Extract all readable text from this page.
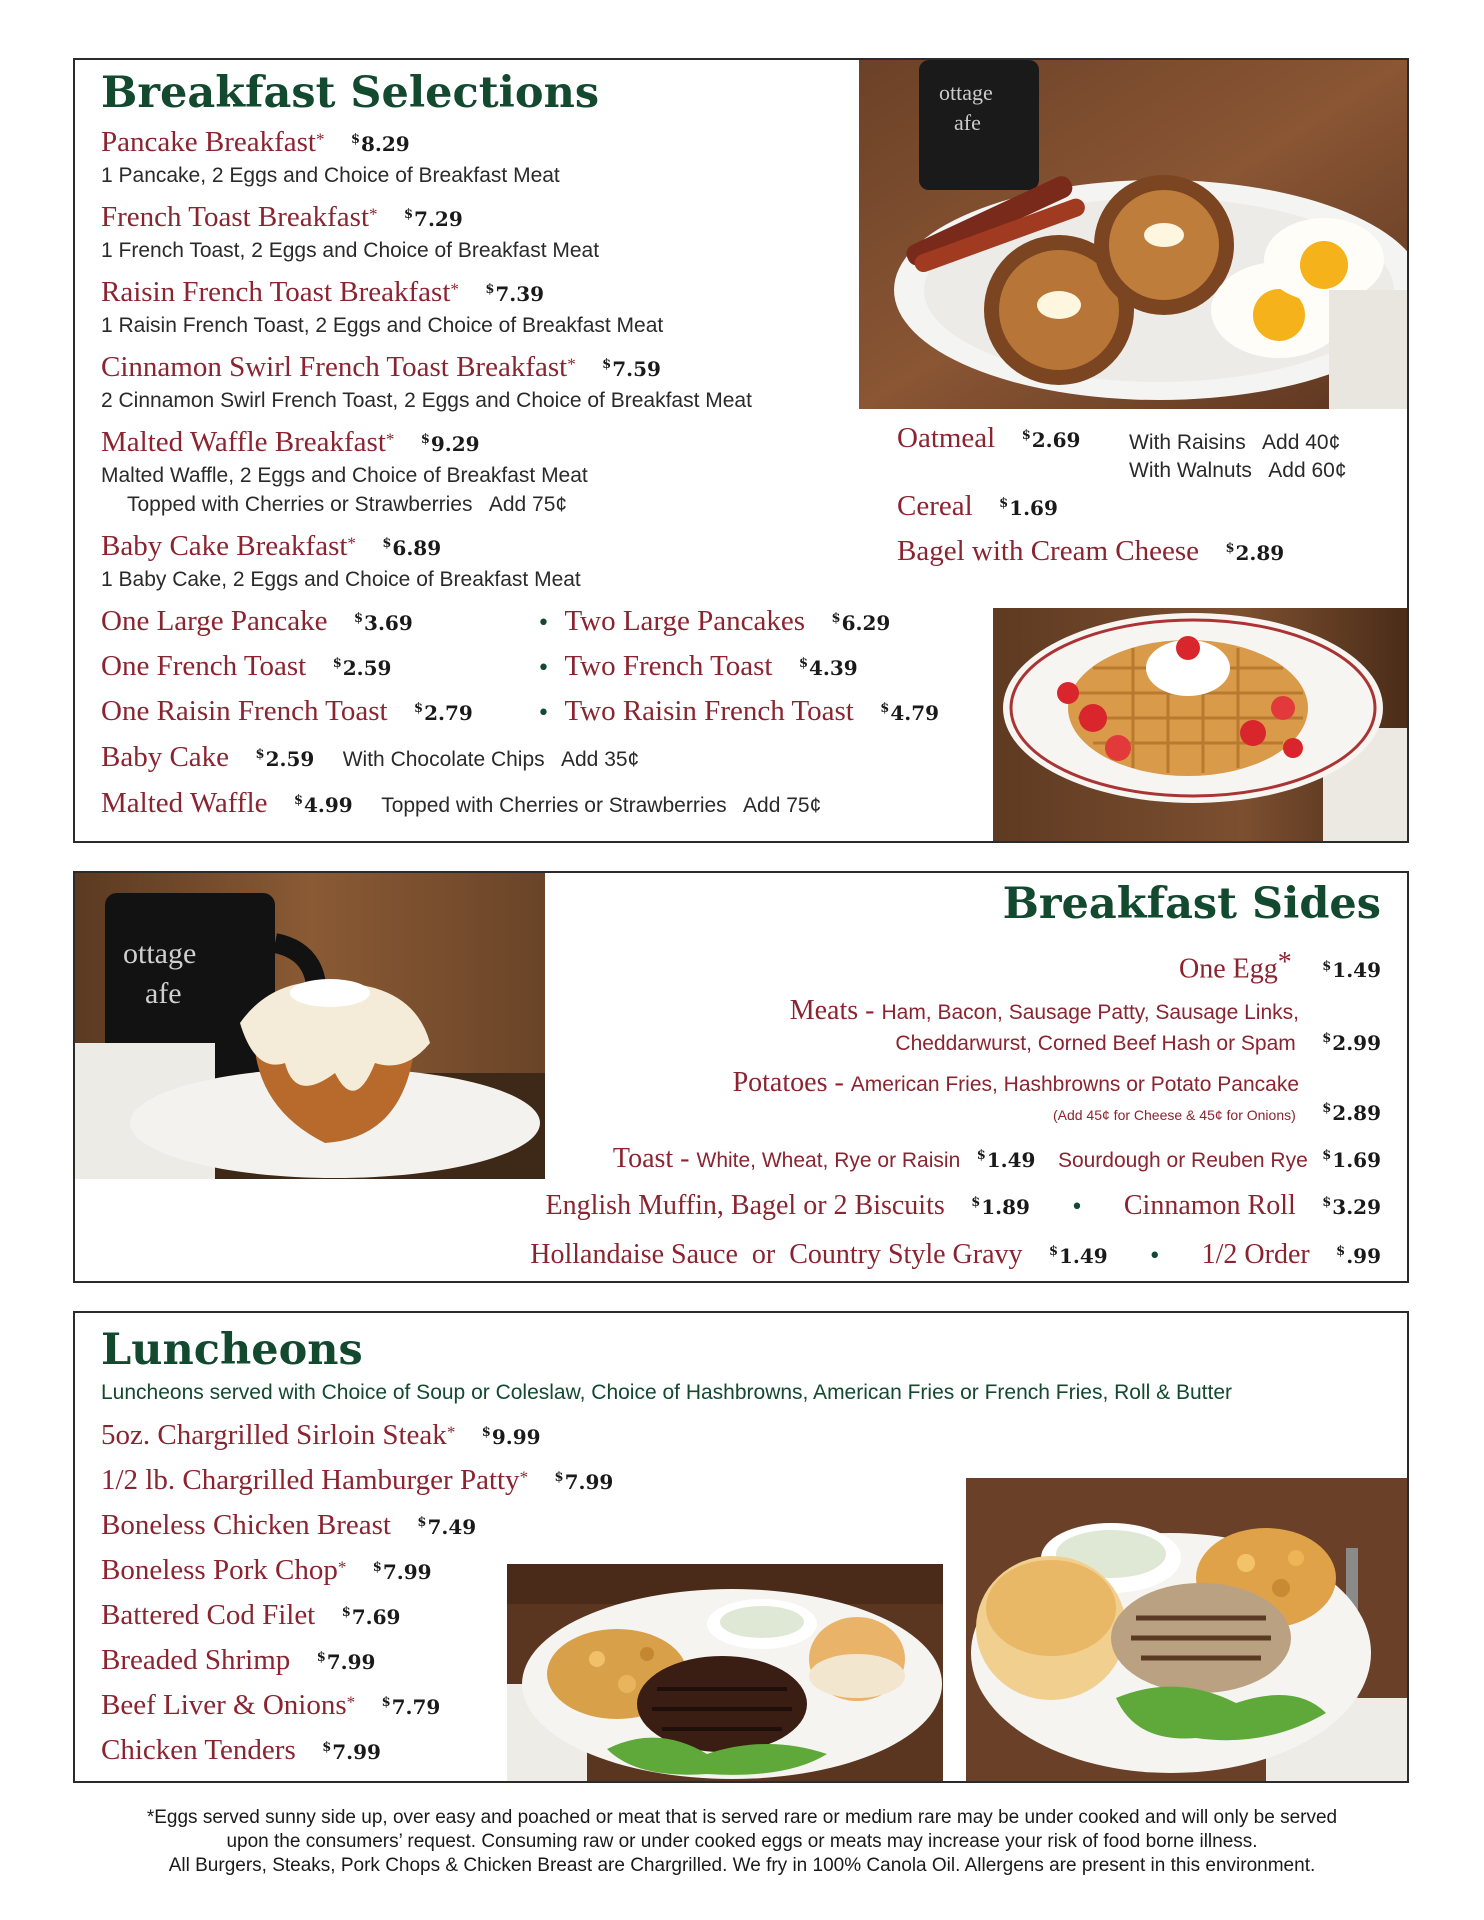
ottage
afe
Breakfast Selections
Pancake Breakfast* $8.29
1 Pancake, 2 Eggs and Choice of Breakfast Meat
French Toast Breakfast* $7.29
1 French Toast, 2 Eggs and Choice of Breakfast Meat
Raisin French Toast Breakfast* $7.39
1 Raisin French Toast, 2 Eggs and Choice of Breakfast Meat
Cinnamon Swirl French Toast Breakfast* $7.59
2 Cinnamon Swirl French Toast, 2 Eggs and Choice of Breakfast Meat
Malted Waffle Breakfast* $9.29
Malted Waffle, 2 Eggs and Choice of Breakfast Meat
Topped with Cherries or Strawberries   Add 75¢
Baby Cake Breakfast* $6.89
1 Baby Cake, 2 Eggs and Choice of Breakfast Meat
Oatmeal $2.69 With Raisins   Add 40¢
With Walnuts   Add 60¢
Cereal $1.69
Bagel with Cream Cheese $2.89
One Large Pancake $3.69	• Two Large Pancakes $6.29
One French Toast $2.59	• Two French Toast $4.39
One Raisin French Toast $2.79	• Two Raisin French Toast $4.79
Baby Cake $2.59 With Chocolate Chips   Add 35¢
Malted Waffle $4.99 Topped with Cherries or Strawberries   Add 75¢
ottage
afe
Breakfast Sides
One Egg* $1.49
Meats - Ham, Bacon, Sausage Patty, Sausage Links,
Cheddarwurst, Corned Beef Hash or Spam $2.99
Potatoes - American Fries, Hashbrowns or Potato Pancake
(Add 45¢ for Cheese & 45¢ for Onions) $2.89
Toast - White, Wheat, Rye or Raisin $1.49 Sourdough or Reuben Rye $1.69
English Muffin, Bagel or 2 Biscuits $1.89 • Cinnamon Roll $3.29
Hollandaise Sauce  or  Country Style Gravy $1.49 • 1/2 Order $.99
Luncheons
Luncheons served with Choice of Soup or Coleslaw, Choice of Hashbrowns, American Fries or French Fries, Roll & Butter
5oz. Chargrilled Sirloin Steak* $9.99
1/2 lb. Chargrilled Hamburger Patty* $7.99
Boneless Chicken Breast $7.49
Boneless Pork Chop* $7.99
Battered Cod Filet $7.69
Breaded Shrimp $7.99
Beef Liver & Onions* $7.79
Chicken Tenders $7.99
*Eggs served sunny side up, over easy and poached or meat that is served rare or medium rare may be under cooked and will only be served
upon the consumers’ request. Consuming raw or under cooked eggs or meats may increase your risk of food borne illness.
All Burgers, Steaks, Pork Chops & Chicken Breast are Chargrilled. We fry in 100% Canola Oil. Allergens are present in this environment.
